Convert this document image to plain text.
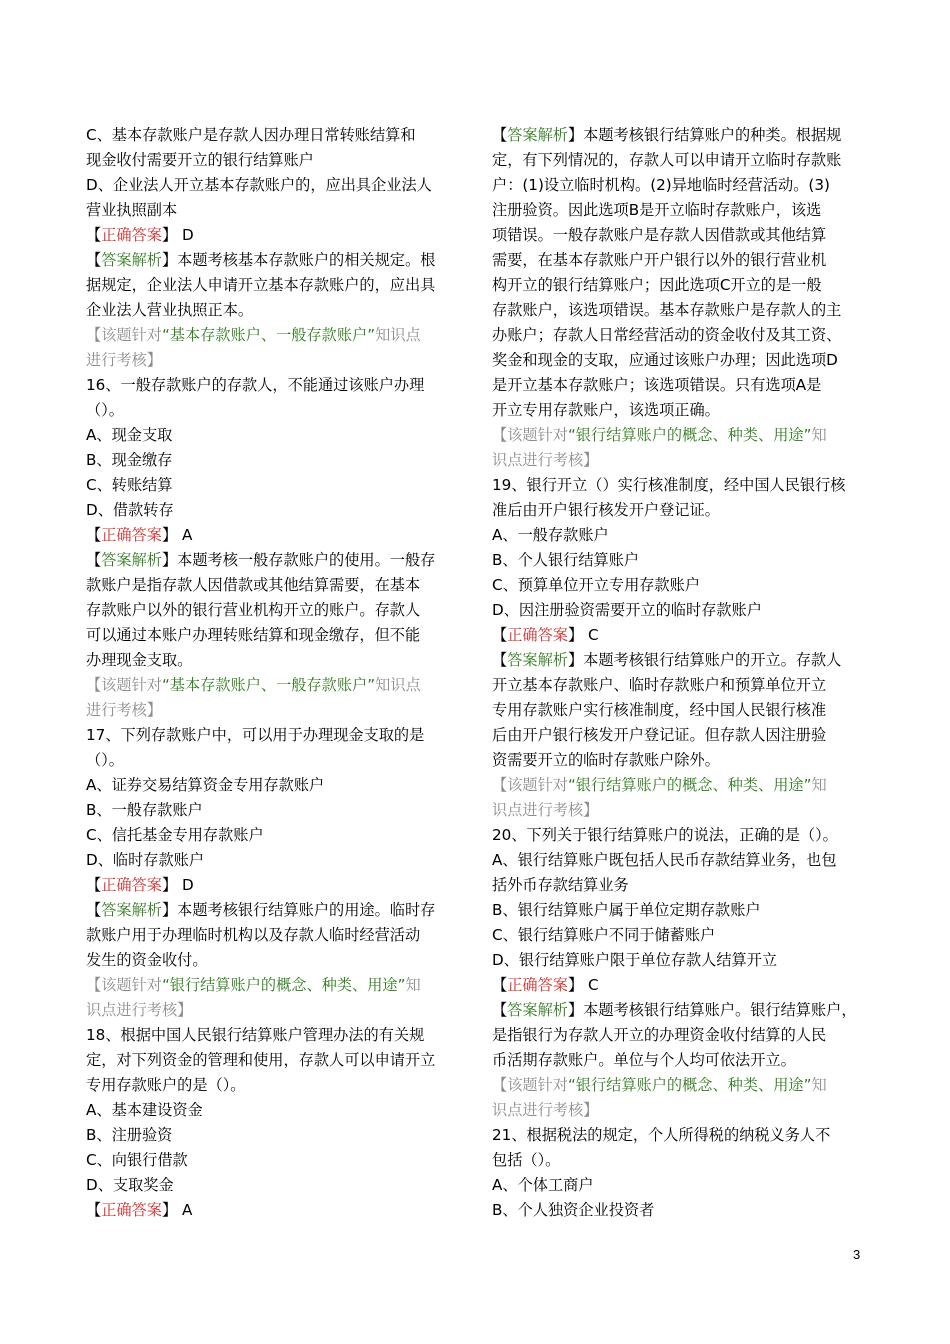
C、基本存款账户是存款人因办理日常转账结算和
现金收付需要开立的银行结算账户
D、企业法人开立基本存款账户的，应出具企业法人
营业执照副本
【正确答案】 D
【答案解析】本题考核基本存款账户的相关规定。根
据规定，企业法人申请开立基本存款账户的，应出具
企业法人营业执照正本。
【该题针对“基本存款账户、一般存款账户”知识点
进行考核】
16、一般存款账户的存款人，不能通过该账户办理
（）。
A、现金支取
B、现金缴存
C、转账结算
D、借款转存
【正确答案】 A
【答案解析】本题考核一般存款账户的使用。一般存
款账户是指存款人因借款或其他结算需要，在基本
存款账户以外的银行营业机构开立的账户。存款人
可以通过本账户办理转账结算和现金缴存，但不能
办理现金支取。
【该题针对“基本存款账户、一般存款账户”知识点
进行考核】
17、下列存款账户中，可以用于办理现金支取的是
（）。
A、证券交易结算资金专用存款账户
B、一般存款账户
C、信托基金专用存款账户
D、临时存款账户
【正确答案】 D
【答案解析】本题考核银行结算账户的用途。临时存
款账户用于办理临时机构以及存款人临时经营活动
发生的资金收付。
【该题针对“银行结算账户的概念、种类、用途”知
识点进行考核】
18、根据中国人民银行结算账户管理办法的有关规
定，对下列资金的管理和使用，存款人可以申请开立
专用存款账户的是（）。
A、基本建设资金
B、注册验资
C、向银行借款
D、支取奖金
【正确答案】 A
【答案解析】本题考核银行结算账户的种类。根据规
定，有下列情况的，存款人可以申请开立临时存款账
户：(1)设立临时机构。(2)异地临时经营活动。(3)
注册验资。因此选项B是开立临时存款账户，该选
项错误。一般存款账户是存款人因借款或其他结算
需要，在基本存款账户开户银行以外的银行营业机
构开立的银行结算账户；因此选项C开立的是一般
存款账户，该选项错误。基本存款账户是存款人的主
办账户；存款人日常经营活动的资金收付及其工资、
奖金和现金的支取，应通过该账户办理；因此选项D
是开立基本存款账户；该选项错误。只有选项A是
开立专用存款账户，该选项正确。
【该题针对“银行结算账户的概念、种类、用途”知
识点进行考核】
19、银行开立（）实行核准制度，经中国人民银行核
准后由开户银行核发开户登记证。
A、一般存款账户
B、个人银行结算账户
C、预算单位开立专用存款账户
D、因注册验资需要开立的临时存款账户
【正确答案】 C
【答案解析】本题考核银行结算账户的开立。存款人
开立基本存款账户、临时存款账户和预算单位开立
专用存款账户实行核准制度，经中国人民银行核准
后由开户银行核发开户登记证。但存款人因注册验
资需要开立的临时存款账户除外。
【该题针对“银行结算账户的概念、种类、用途”知
识点进行考核】
20、下列关于银行结算账户的说法，正确的是（）。
A、银行结算账户既包括人民币存款结算业务，也包
括外币存款结算业务
B、银行结算账户属于单位定期存款账户
C、银行结算账户不同于储蓄账户
D、银行结算账户限于单位存款人结算开立
【正确答案】 C
【答案解析】本题考核银行结算账户。银行结算账户，
是指银行为存款人开立的办理资金收付结算的人民
币活期存款账户。单位与个人均可依法开立。
【该题针对“银行结算账户的概念、种类、用途”知
识点进行考核】
21、根据税法的规定，个人所得税的纳税义务人不
包括（）。
A、个体工商户
B、个人独资企业投资者
3
